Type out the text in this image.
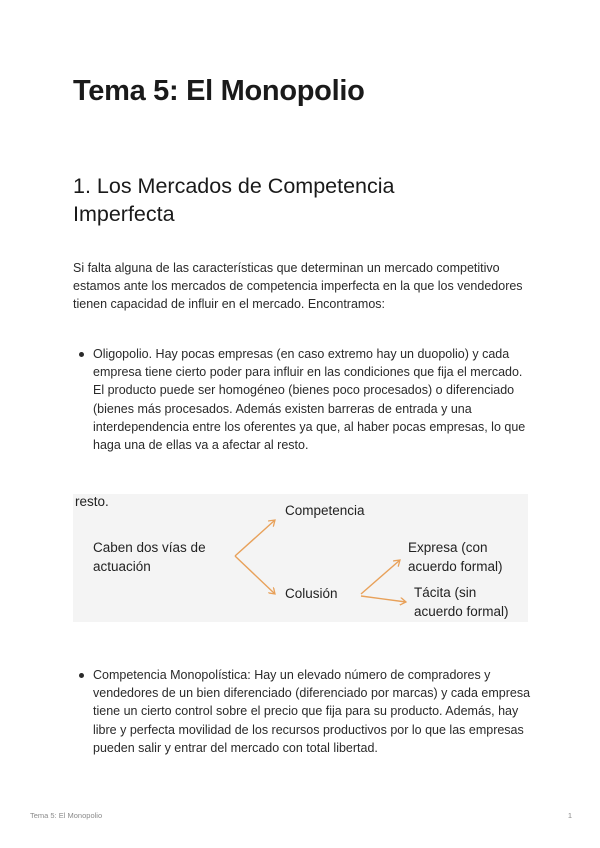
Tema 5: El Monopolio
1. Los Mercados de Competencia Imperfecta

Si falta alguna de las características que determinan un mercado competitivo estamos ante los mercados de competencia imperfecta en la que los vendedores tienen capacidad de influir en el mercado. Encontramos:

Oligopolio. Hay pocas empresas (en caso extremo hay un duopolio) y cada empresa tiene cierto poder para influir en las condiciones que fija el mercado. El producto puede ser homogéneo (bienes poco procesados) o diferenciado (bienes más procesados. Además existen barreras de entrada y una interdependencia entre los oferentes ya que, al haber pocas empresas, lo que haga una de ellas va a afectar al resto.
resto.
Caben dos vías de actuación
Competencia
Colusión
Expresa (con acuerdo formal)
Tácita (sin acuerdo formal)
Competencia Monopolística: Hay un elevado número de compradores y vendedores de un bien diferenciado (diferenciado por marcas) y cada empresa tiene un cierto control sobre el precio que fija para su producto. Además, hay libre y perfecta movilidad de los recursos productivos por lo que las empresas pueden salir y entrar del mercado con total libertad.
Tema 5: El Monopolio	1
